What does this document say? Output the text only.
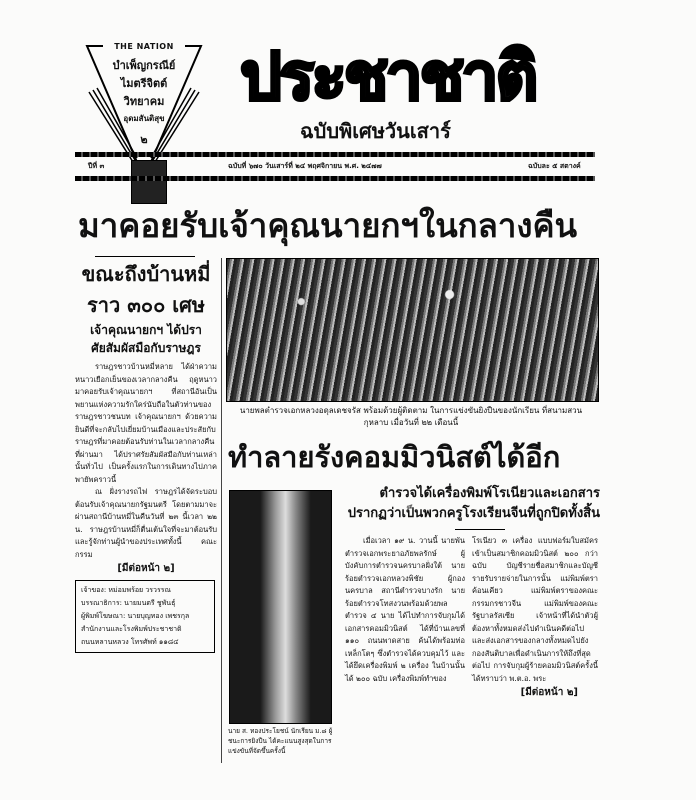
THE NATION
บำเพ็ญกรณีย์
ไมตรีจิตต์
วิทยาคม
อุดมสันติสุข
๒
ประชาชาติ
ฉบับพิเศษวันเสาร์
ปีที่ ๓	ฉบับที่ ๖๗๐ วันเสาร์ที่ ๒๔ พฤศจิกายน พ.ศ. ๒๔๗๗	ฉบับละ ๕ สตางค์
มาคอยรับเจ้าคุณนายกฯในกลางคืน
ขณะถึงบ้านหมี่
ราว ๓๐๐ เศษ
เจ้าคุณนายกฯ ได้ปรา
ศัยสัมผัสมือกับราษฎร
ราษฎรชาวบ้านหมี่หลาย ได้ฝ่าความหนาวเยือกเย็นของเวลากลางคืน ฤดูหนาวมาคอยรับเจ้าคุณนายกฯ ที่สถานีอันเป็นพยานแห่งความรักใคร่นับถือในตัวท่านของราษฎรชาวชนบท เจ้าคุณนายกฯ ด้วยความยินดีที่จะกลับไปเยี่ยมบ้านเมืองและประสัยกับราษฎรที่มาคอยต้อนรับท่านในเวลากลางคืนที่ผ่านมา ได้ปราศรัยสัมผัสมือกับท่านเหล่านั้นทั่วไป เป็นครั้งแรกในการเดินทางไปภาคพายัพคราวนี้
ณ ฝั่งรางรถไฟ ราษฎรได้จัดระบอบต้อนรับเจ้าคุณนายกรัฐมนตรี โดยตามมาจะผ่านสถานีบ้านหมี่ในคืนวันที่ ๒๓ นี้เวลา ๒๒ น. ราษฎรบ้านหมี่ก็ตื่นเต้นใจที่จะมาต้อนรับและรู้จักท่านผู้นำของประเทศทั้งนี้ คณะกรรม
[มีต่อหน้า ๒]
เจ้าของ: หม่อมพร้อย วรวรรณ
บรรณาธิการ: นายมนตรี ชูพันธุ์
ผู้พิมพ์โฆษณา: นายบุญทอง เพชรกุล
สำนักงานและโรงพิมพ์ประชาชาติ
ถนนหลานหลวง โทรศัพท์ ๑๑๘๔
นายพลตำรวจเอกหลวงอดุลเดชจรัส พร้อมด้วยผู้ติดตาม ในการแข่งขันยิงปืนของนักเรียน ที่สนามสวนกุหลาบ เมื่อวันที่ ๒๒ เดือนนี้
ทำลายรังคอมมิวนิสต์ได้อีก
นาย ส. ทองประโยชน์ นักเรียน ม.๘ ผู้ชนะการยิงปืน ได้คะแนนสูงสุดในการแข่งขันที่จัดขึ้นครั้งนี้
ตำรวจได้เครื่องพิมพ์โรเนียวและเอกสาร
ปรากฏว่าเป็นพวกครูโรงเรียนจีนที่ถูกปิดทั้งสิ้น
เมื่อเวลา ๑๙ น. วานนี้ นายพันตำรวจเอกพระยาอภัยพลรักษ์ ผู้บังคับการตำรวจนครบาลฝั่งใต้ นายร้อยตำรวจเอกหลวงพิชัย ผู้กองนครบาล สถานีตำรวจบางรัก นายร้อยตำรวจโทสงวนพร้อมด้วยพลตำรวจ ๔ นาย ได้ไปทำการจับกุมได้เอกสารคอมมิวนิสต์ ได้ที่บ้านเลขที่ ๑๑๐ ถนนพาดสาย ค้นได้พร้อมท่อเหล็กโตๆ ซึ่งตำรวจได้ควบคุมไว้ และได้ยึดเครื่องพิมพ์ ๒ เครื่อง ในบ้านนั้นได้ ๒๐๐ ฉบับ เครื่องพิมพ์ทำของ
โรเนียว ๓ เครื่อง แบบฟอร์มใบสมัครเข้าเป็นสมาชิกคอมมิวนิสต์ ๒๐๐ กว่าฉบับ บัญชีรายชื่อสมาชิกและบัญชีรายรับรายจ่ายในการนั้น แม่พิมพ์ตราค้อนเคียว แม่พิมพ์ตราของคณะกรรมกรชาวจีน แม่พิมพ์ของคณะรัฐบาลรัสเซีย เจ้าหน้าที่ได้นำตัวผู้ต้องหาทั้งหมดส่งไปดำเนินคดีต่อไป และส่งเอกสารของกลางทั้งหมดไปยังกองสันติบาลเพื่อดำเนินการให้ถึงที่สุดต่อไป การจับกุมผู้ร้ายคอมมิวนิสต์ครั้งนี้ ได้ทราบว่า พ.ต.อ. พระ
[มีต่อหน้า ๒]
